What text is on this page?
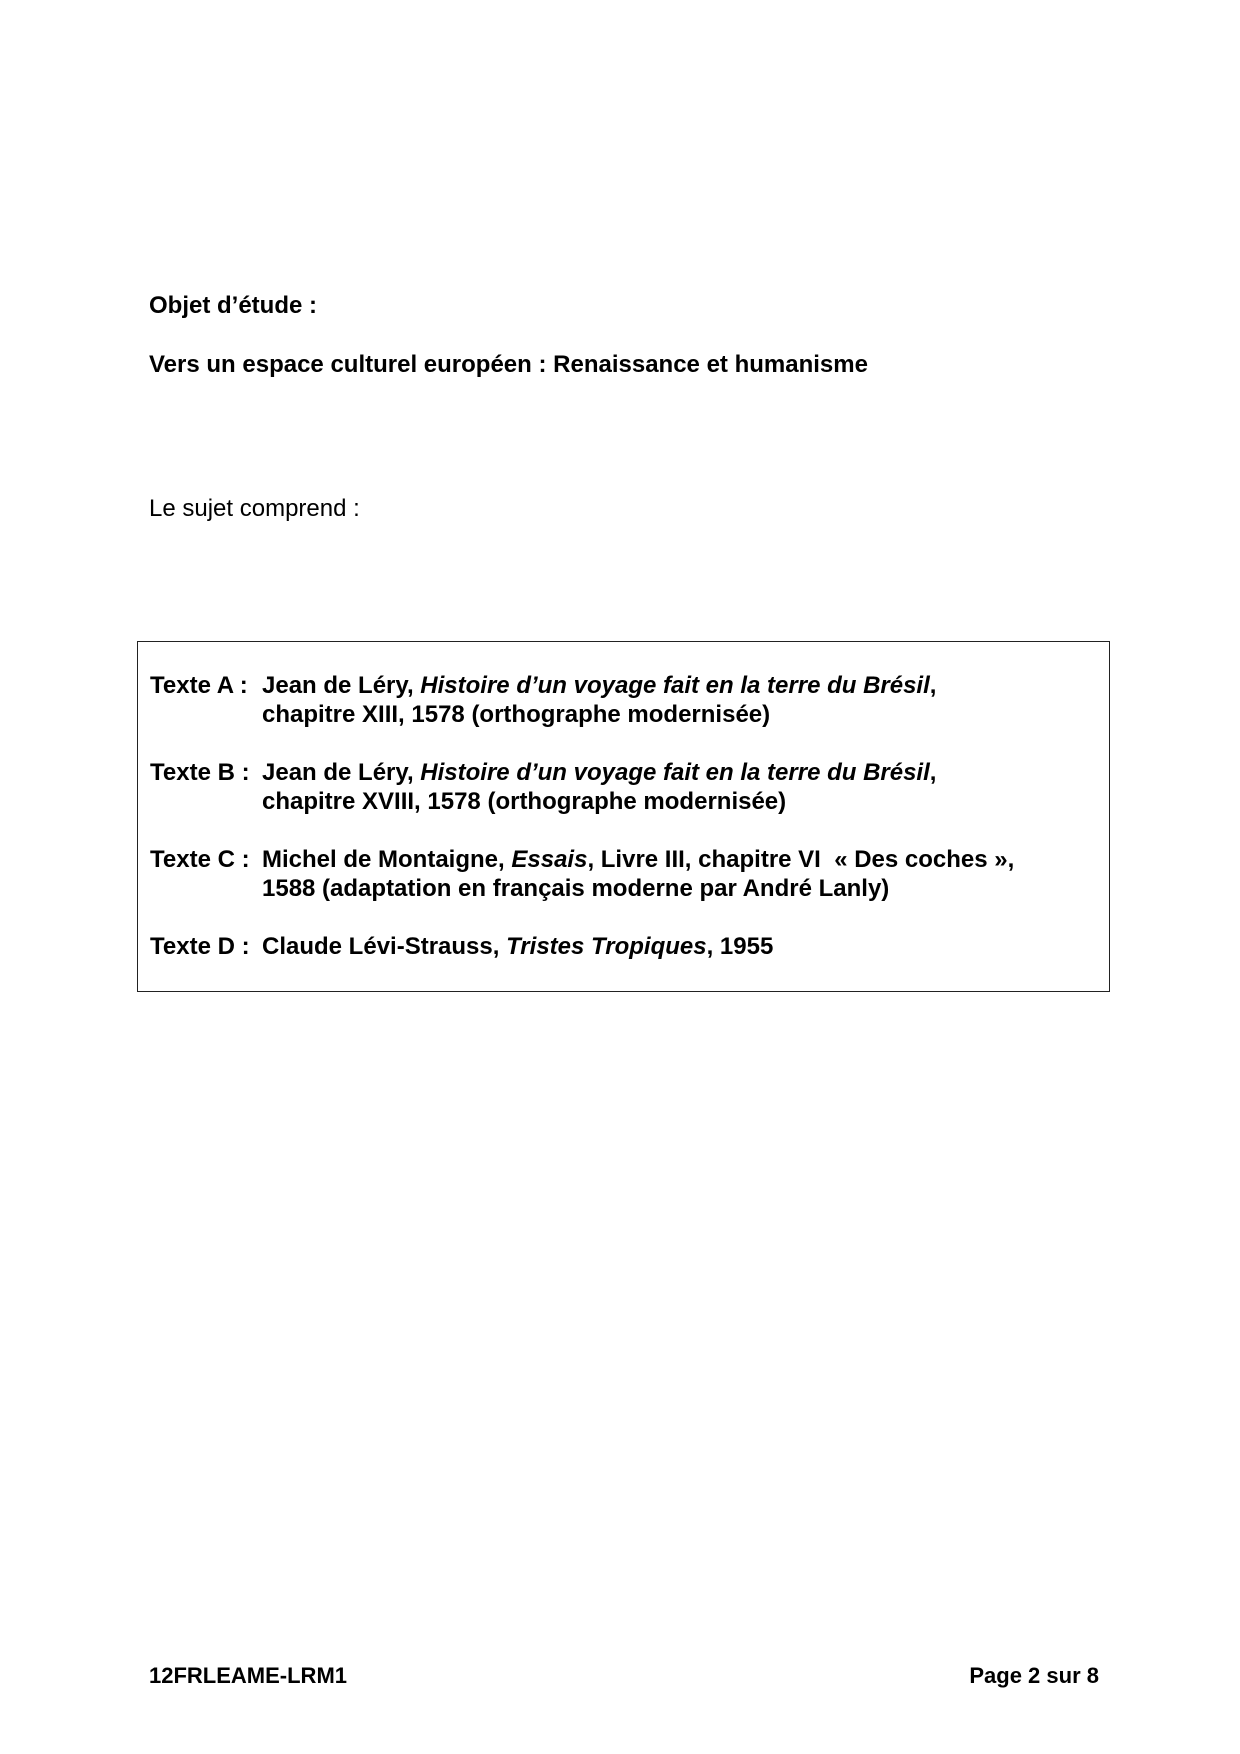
Objet d’étude :
Vers un espace culturel européen : Renaissance et humanisme
Le sujet comprend :
Texte A : Jean de Léry, Histoire d’un voyage fait en la terre du Brésil,
chapitre XIII, 1578 (orthographe modernisée)
Texte B : Jean de Léry, Histoire d’un voyage fait en la terre du Brésil,
chapitre XVIII, 1578 (orthographe modernisée)
Texte C : Michel de Montaigne, Essais, Livre III, chapitre VI  « Des coches »,
1588 (adaptation en français moderne par André Lanly)
Texte D : Claude Lévi-Strauss, Tristes Tropiques, 1955
12FRLEAME-LRM1	Page 2 sur 8
